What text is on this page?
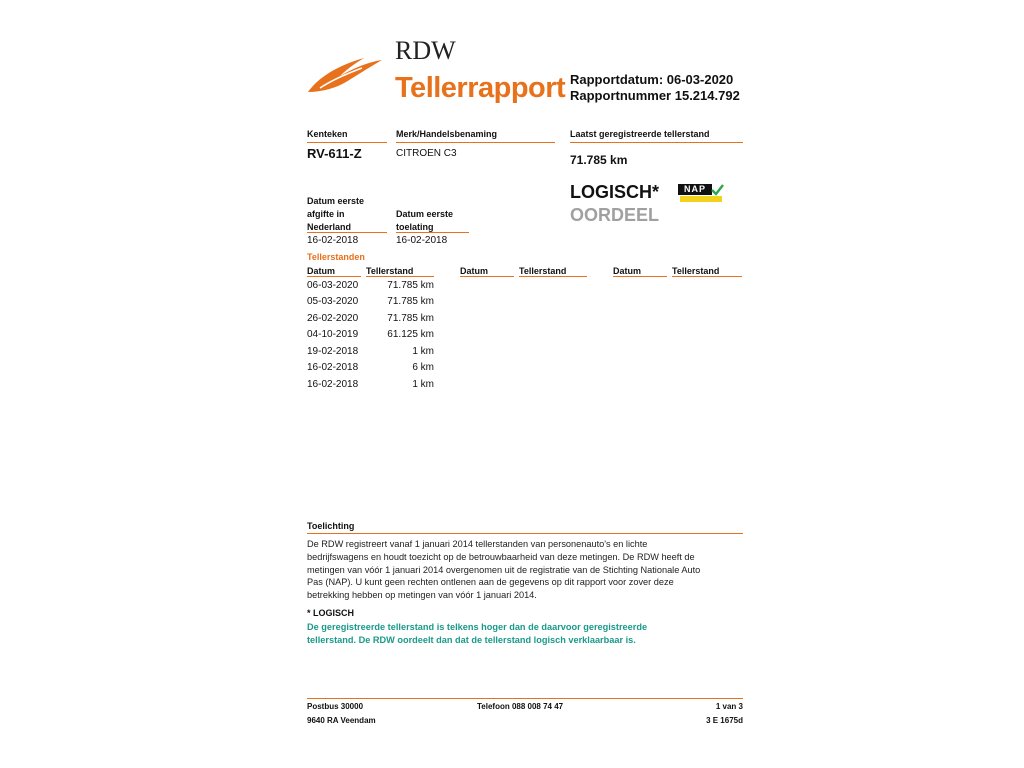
RDW
Tellerrapport Rapportdatum: 06-03-2020
Rapportnummer 15.214.792
Kenteken
RV-611-Z
Merk/Handelsbenaming
CITROEN C3
Laatst geregistreerde tellerstand
71.785 km
LOGISCH*	NAP
OORDEEL
Datum eerste
afgifte in
Nederland
16-02-2018
Datum eerste
toelating
16-02-2018
Tellerstanden
Datum	Tellerstand	Datum	Tellerstand	Datum	Tellerstand
06-03-2020	71.785 km
05-03-2020	71.785 km
26-02-2020	71.785 km
04-10-2019	61.125 km
19-02-2018	1 km
16-02-2018	6 km
16-02-2018	1 km
Toelichting
De RDW registreert vanaf 1 januari 2014 tellerstanden van personenauto's en lichte
bedrijfswagens en houdt toezicht op de betrouwbaarheid van deze metingen. De RDW heeft de
metingen van vóór 1 januari 2014 overgenomen uit de registratie van de Stichting Nationale Auto
Pas (NAP). U kunt geen rechten ontlenen aan de gegevens op dit rapport voor zover deze
betrekking hebben op metingen van vóór 1 januari 2014.
* LOGISCH
De geregistreerde tellerstand is telkens hoger dan de daarvoor geregistreerde
tellerstand. De RDW oordeelt dan dat de tellerstand logisch verklaarbaar is.
Postbus 30000
9640 RA Veendam
Telefoon 088 008 74 47	1 van 3
3 E 1675d
